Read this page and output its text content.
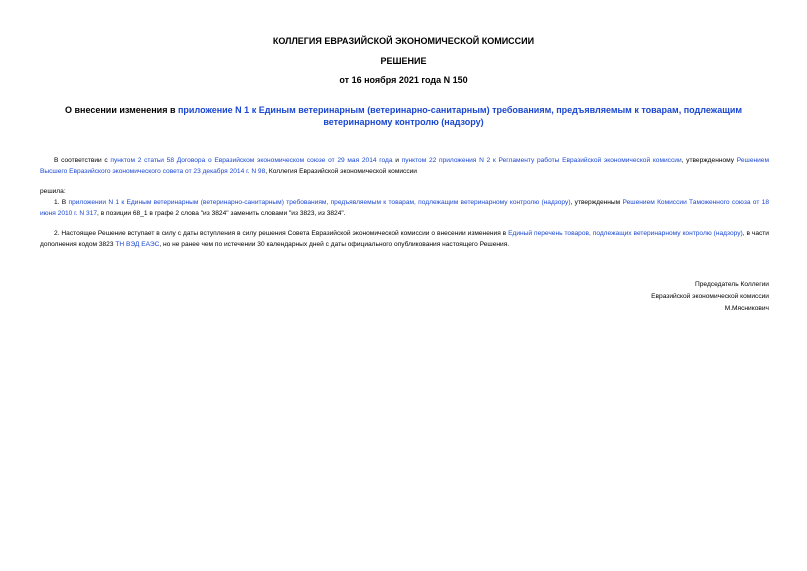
КОЛЛЕГИЯ ЕВРАЗИЙСКОЙ ЭКОНОМИЧЕСКОЙ КОМИССИИ
РЕШЕНИЕ
от 16 ноября 2021 года N 150
О внесении изменения в приложение N 1 к Единым ветеринарным (ветеринарно-санитарным) требованиям, предъявляемым к товарам, подлежащим ветеринарному контролю (надзору)
В соответствии с пунктом 2 статьи 58 Договора о Евразийском экономическом союзе от 29 мая 2014 года и пунктом 22 приложения N 2 к Регламенту работы Евразийской экономической комиссии, утвержденному Решением Высшего Евразийского экономического совета от 23 декабря 2014 г. N 98, Коллегия Евразийской экономической комиссии
решила:
1. В приложении N 1 к Единым ветеринарным (ветеринарно-санитарным) требованиям, предъявляемым к товарам, подлежащим ветеринарному контролю (надзору), утвержденным Решением Комиссии Таможенного союза от 18 июня 2010 г. N 317, в позиции 68_1 в графе 2 слова "из 3824" заменить словами "из 3823, из 3824".
2. Настоящее Решение вступает в силу с даты вступления в силу решения Совета Евразийской экономической комиссии о внесении изменения в Единый перечень товаров, подлежащих ветеринарному контролю (надзору), в части дополнения кодом 3823 ТН ВЭД ЕАЭС, но не ранее чем по истечении 30 календарных дней с даты официального опубликования настоящего Решения.
Председатель Коллегии
Евразийской экономической комиссии
М.Мясникович
